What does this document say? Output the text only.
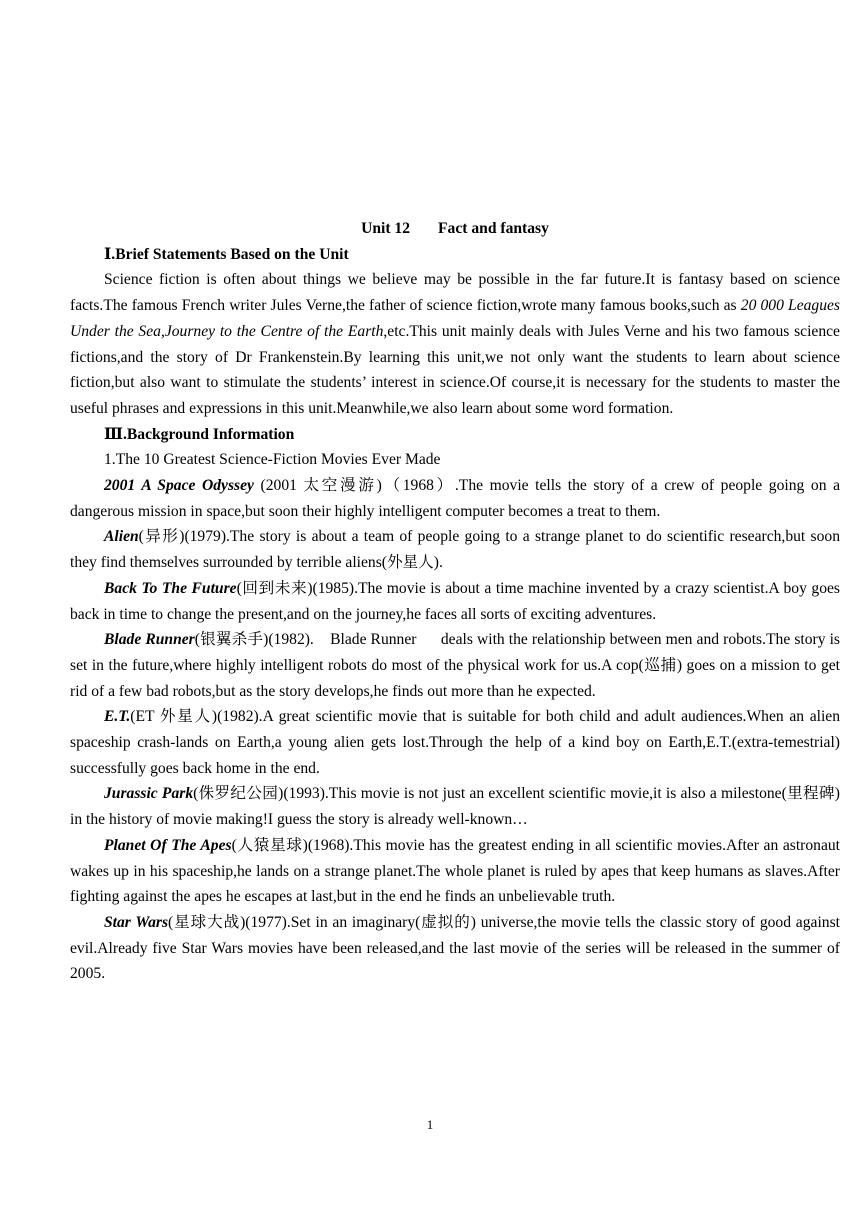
Unit 12 Fact and fantasy

Ⅰ.Brief Statements Based on the Unit

Science fiction is often about things we believe may be possible in the far future.It is fantasy based on science facts.The famous French writer Jules Verne,the father of science fiction,wrote many famous books,such as 20 000 Leagues Under the Sea,Journey to the Centre of the Earth,etc.This unit mainly deals with Jules Verne and his two famous science fictions,and the story of Dr Frankenstein.By learning this unit,we not only want the students to learn about science fiction,but also want to stimulate the students’ interest in science.Of course,it is necessary for the students to master the useful phrases and expressions in this unit.Meanwhile,we also learn about some word formation.

Ⅲ.Background Information

1.The 10 Greatest Science-Fiction Movies Ever Made

2001 A Space Odyssey (2001 太空漫游)（1968）.The movie tells the story of a crew of people going on a dangerous mission in space,but soon their highly intelligent computer becomes a treat to them.

Alien(异形)(1979).The story is about a team of people going to a strange planet to do scientific research,but soon they find themselves surrounded by terrible aliens(外星人).

Back To The Future(回到未来)(1985).The movie is about a time machine invented by a crazy scientist.A boy goes back in time to change the present,and on the journey,he faces all sorts of exciting adventures.

Blade Runner(银翼杀手)(1982).    Blade Runner      deals with the relationship between men and robots.The story is set in the future,where highly intelligent robots do most of the physical work for us.A cop(巡捕) goes on a mission to get rid of a few bad robots,but as the story develops,he finds out more than he expected.

E.T.(ET 外星人)(1982).A great scientific movie that is suitable for both child and adult audiences.When an alien spaceship crash-lands on Earth,a young alien gets lost.Through the help of a kind boy on Earth,E.T.(extra-temestrial) successfully goes back home in the end.

Jurassic Park(侏罗纪公园)(1993).This movie is not just an excellent scientific movie,it is also a milestone(里程碑) in the history of movie making!I guess the story is already well-known…

Planet Of The Apes(人猿星球)(1968).This movie has the greatest ending in all scientific movies.After an astronaut wakes up in his spaceship,he lands on a strange planet.The whole planet is ruled by apes that keep humans as slaves.After fighting against the apes he escapes at last,but in the end he finds an unbelievable truth.

Star Wars(星球大战)(1977).Set in an imaginary(虚拟的) universe,the movie tells the classic story of good against evil.Already five Star Wars movies have been released,and the last movie of the series will be released in the summer of 2005.

1
